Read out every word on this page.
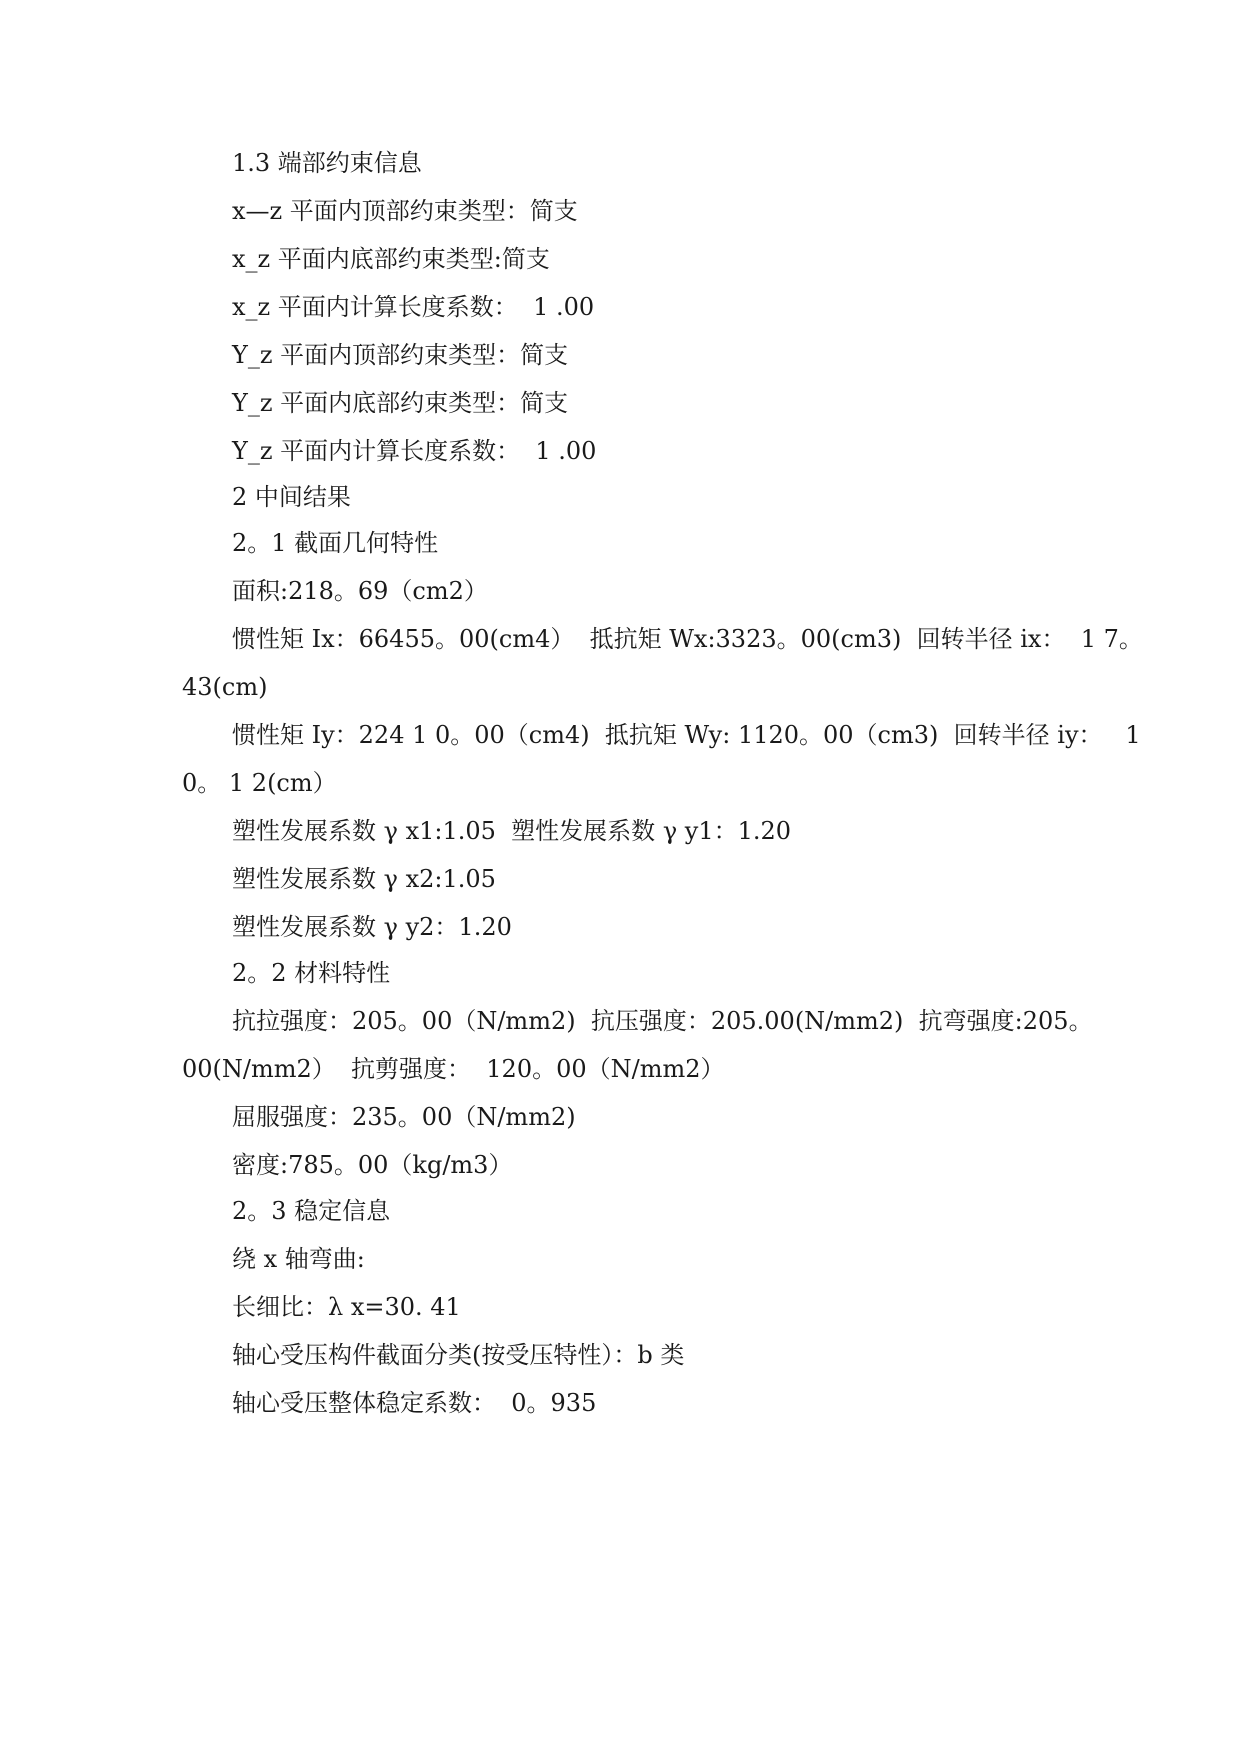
1.3 端部约束信息
x—z 平面内顶部约束类型：简支
x_z 平面内底部约束类型:简支
x_z 平面内计算长度系数：  1 .00
Y_z 平面内顶部约束类型：简支
Y_z 平面内底部约束类型：简支
Y_z 平面内计算长度系数：  1 .00
2 中间结果
2。1 截面几何特性
面积:218。69（cm2）
惯性矩 Ix：66455。00(cm4）  抵抗矩 Wx:3323。00(cm3)  回转半径 ix：  1 7。
43(cm)
惯性矩 Iy：224 1 0。00（cm4)  抵抗矩 Wy: 1120。00（cm3)  回转半径 iy：   1
0。 1 2(cm）
塑性发展系数 γ x1:1.05  塑性发展系数 γ y1：1.20
塑性发展系数 γ x2:1.05
塑性发展系数 γ y2：1.20
2。2 材料特性
抗拉强度：205。00（N/mm2)  抗压强度：205.00(N/mm2)  抗弯强度:205。
00(N/mm2）  抗剪强度：  120。00（N/mm2）
屈服强度：235。00（N/mm2)
密度:785。00（kg/m3）
2。3 稳定信息
绕 x 轴弯曲:
长细比：λ x=30. 41
轴心受压构件截面分类(按受压特性）：b 类
轴心受压整体稳定系数：  0。935
